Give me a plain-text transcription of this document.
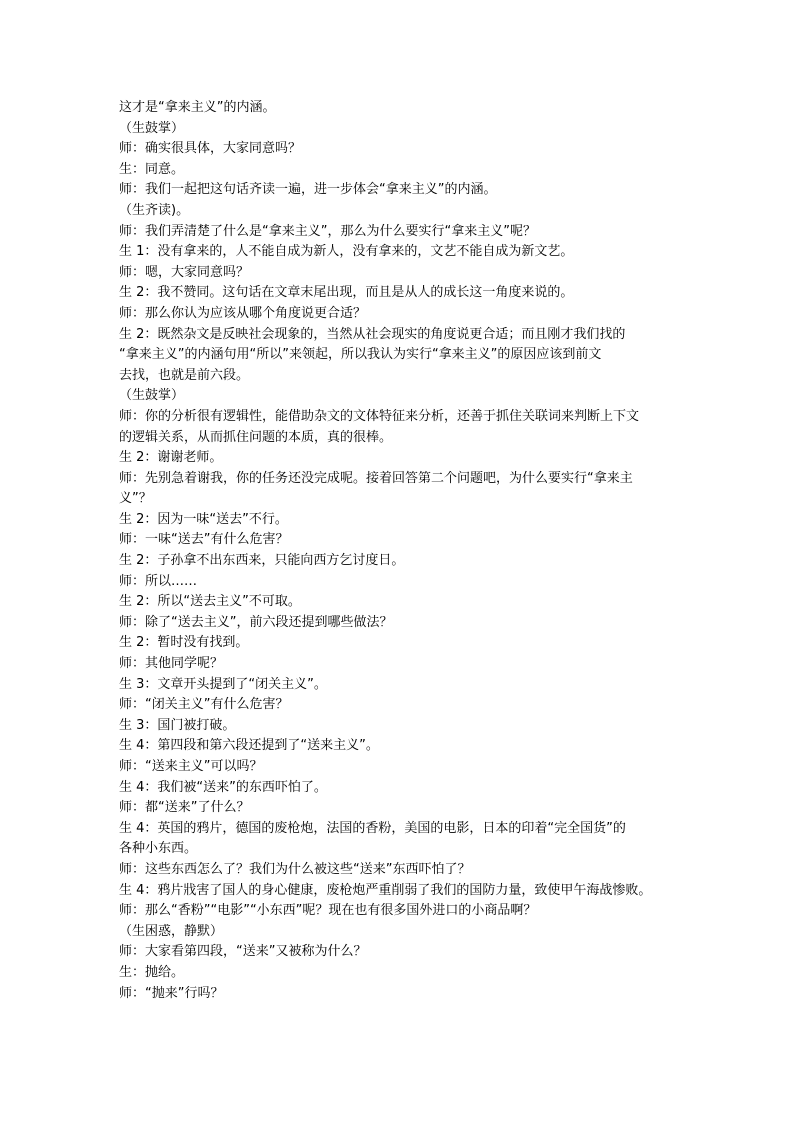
这才是“拿来主义”的内涵。
（生鼓掌）
师：确实很具体，大家同意吗？
生：同意。
师：我们一起把这句话齐读一遍，进一步体会“拿来主义”的内涵。
（生齐读)。
师：我们弄清楚了什么是“拿来主义”，那么为什么要实行“拿来主义”呢？
生 1：没有拿来的，人不能自成为新人，没有拿来的，文艺不能自成为新文艺。
师：嗯，大家同意吗？
生 2：我不赞同。这句话在文章末尾出现，而且是从人的成长这一角度来说的。
师：那么你认为应该从哪个角度说更合适？
生 2：既然杂文是反映社会现象的，当然从社会现实的角度说更合适；而且刚才我们找的
“拿来主义”的内涵句用“所以”来领起，所以我认为实行“拿来主义”的原因应该到前文
去找，也就是前六段。
（生鼓掌）
师：你的分析很有逻辑性，能借助杂文的文体特征来分析，还善于抓住关联词来判断上下文
的逻辑关系，从而抓住问题的本质，真的很棒。
生 2：谢谢老师。
师：先别急着谢我，你的任务还没完成呢。接着回答第二个问题吧，为什么要实行“拿来主
义”？
生 2：因为一味“送去”不行。
师：一味“送去”有什么危害？
生 2：子孙拿不出东西来，只能向西方乞讨度日。
师：所以……
生 2：所以“送去主义”不可取。
师：除了“送去主义”，前六段还提到哪些做法？
生 2：暂时没有找到。
师：其他同学呢？
生 3：文章开头提到了“闭关主义”。
师：“闭关主义”有什么危害？
生 3：国门被打破。
生 4：第四段和第六段还提到了“送来主义”。
师：“送来主义”可以吗？
生 4：我们被“送来”的东西吓怕了。
师：都“送来”了什么？
生 4：英国的鸦片，德国的废枪炮，法国的香粉，美国的电影，日本的印着“完全国货”的
各种小东西。
师：这些东西怎么了？我们为什么被这些“送来”东西吓怕了？
生 4：鸦片戕害了国人的身心健康，废枪炮严重削弱了我们的国防力量，致使甲午海战惨败。
师：那么“香粉”“电影”“小东西”呢？现在也有很多国外进口的小商品啊？
（生困惑，静默）
师：大家看第四段，“送来”又被称为什么？
生：抛给。
师：“抛来”行吗？
